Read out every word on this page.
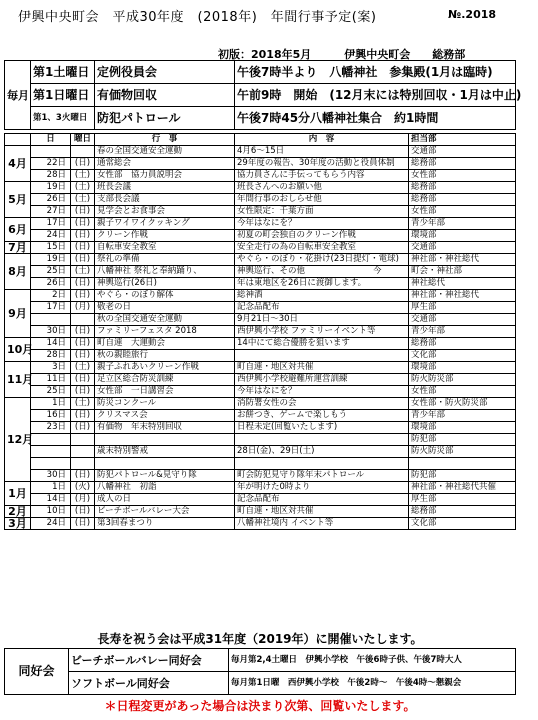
伊興中央町会　平成30年度　(2018年)　年間行事予定(案)	№.2018
初版：2018年5月　　　伊興中央町会　　総務部
毎月	第1土曜日	定例役員会	午後7時半より　八幡神社　参集殿(1月は臨時)
	第1日曜日	有価物回収	午前9時　開始　(12月末には特別回収・1月は中止)
	第1、3火曜日	防犯パトロール	午後7時45分八幡神社集合　約1時間
	日	曜日	行　事	内　容	担当部
4月			春の全国交通安全運動	4月6～15日	交通部
	22日	(日)	通常総会	29年度の報告、30年度の活動と役員体制	総務部
	28日	(土)	女性部　協力員説明会	協力員さんに手伝ってもらう内容	女性部
5月	19日	(土)	班長会議	班長さんへのお願い他	総務部
	26日	(土)	支部長会議	年間行事のおしらせ他	総務部
	27日	(日)	見学会とお食事会	女性限定：千葉方面	女性部
6月	17日	(日)	親子ワイワイクッキング	今年はなにを？	青少年部
	24日	(日)	クリーン作戦	初夏の町会独自のクリーン作戦	環境部
7月	15日	(日)	自転車安全教室	安全走行の為の自転車安全教室	交通部
8月	19日	(日)	祭礼の準備	やぐら・のぼり・花掛け(23日提灯・電球)	神社部・神社総代
	25日	(土)	八幡神社 祭礼と奉納踊り、	神輿巡行、その他　　　　　　　　今	町会・神社部
	26日	(日)	神輿巡行(26日)	年は東地区を26日に渡御します。	神社総代
9月	2日	(日)	やぐら・のぼり解体	総神酒	神社部・神社総代
	17日	(月)	敬老の日	記念品配布	厚生部
			秋の全国交通安全運動	9月21日～30日	交通部
	30日	(日)	ファミリーフェスタ 2018	西伊興小学校 ファミリーイベント等	青少年部
10月	14日	(日)	町自連　大運動会	14中にて総合優勝を狙います	総務部
	28日	(日)	秋の親睦旅行		文化部
11月	3日	(土)	親子ふれあいクリーン作戦	町自連・地区対共催	環境部
	11日	(日)	足立区総合防災訓練	西伊興小学校避難所運営訓練	防火防災部
	25日	(日)	女性部　一日講習会	今年はなにを？	女性部
12月	1日	(土)	防災コンクール	消防署女性の会	女性部・防火防災部
	16日	(日)	クリスマス会	お餅つき、ゲームで楽しもう	青少年部
	23日	(日)	有価物　年末特別回収	日程未定(回覧いたします)	環境部
					防犯部
			歳末特別警戒	28日(金)、29日(土)	防火防災部

	30日	(日)	防犯パトロール&見守り隊	町会防犯見守り隊年末パトロール	防犯部
1月	1日	(火)	八幡神社　初詣	年が明けた0時より	神社部・神社総代共催
	14日	(月)	成人の日	記念品配布	厚生部
2月	10日	(日)	ビーチボールバレー大会	町自連・地区対共催	総務部
3月	24日	(日)	第3回春まつり	八幡神社境内 イベント等	文化部
長寿を祝う会は平成31年度（2019年）に開催いたします。
同好会	ビーチボールバレー同好会	毎月第2,4土曜日　伊興小学校　午後6時子供、午後7時大人
	ソフトボール同好会	毎月第1日曜　西伊興小学校　午後2時～　午後4時～懇親会
＊日程変更があった場合は決まり次第、回覧いたします。
